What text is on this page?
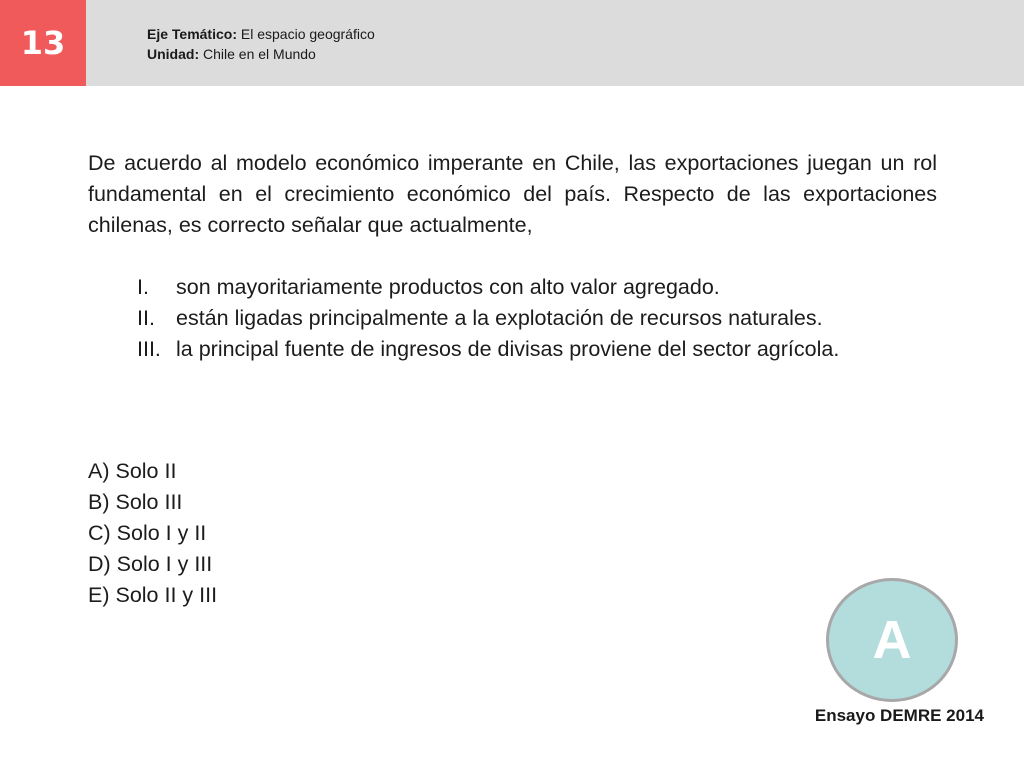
13	Eje Temático: El espacio geográfico
Unidad: Chile en el Mundo

De acuerdo al modelo económico imperante en Chile, las exportaciones juegan un rol fundamental en el crecimiento económico del país. Respecto de las exportaciones chilenas, es correcto señalar que actualmente,

I.	son mayoritariamente productos con alto valor agregado.
II. están ligadas principalmente a la explotación de recursos naturales.
III. la principal fuente de ingresos de divisas proviene del sector agrícola.
A) Solo II
B) Solo III
C) Solo I y II
D) Solo I y III
E) Solo II y III
A
Ensayo DEMRE 2014
